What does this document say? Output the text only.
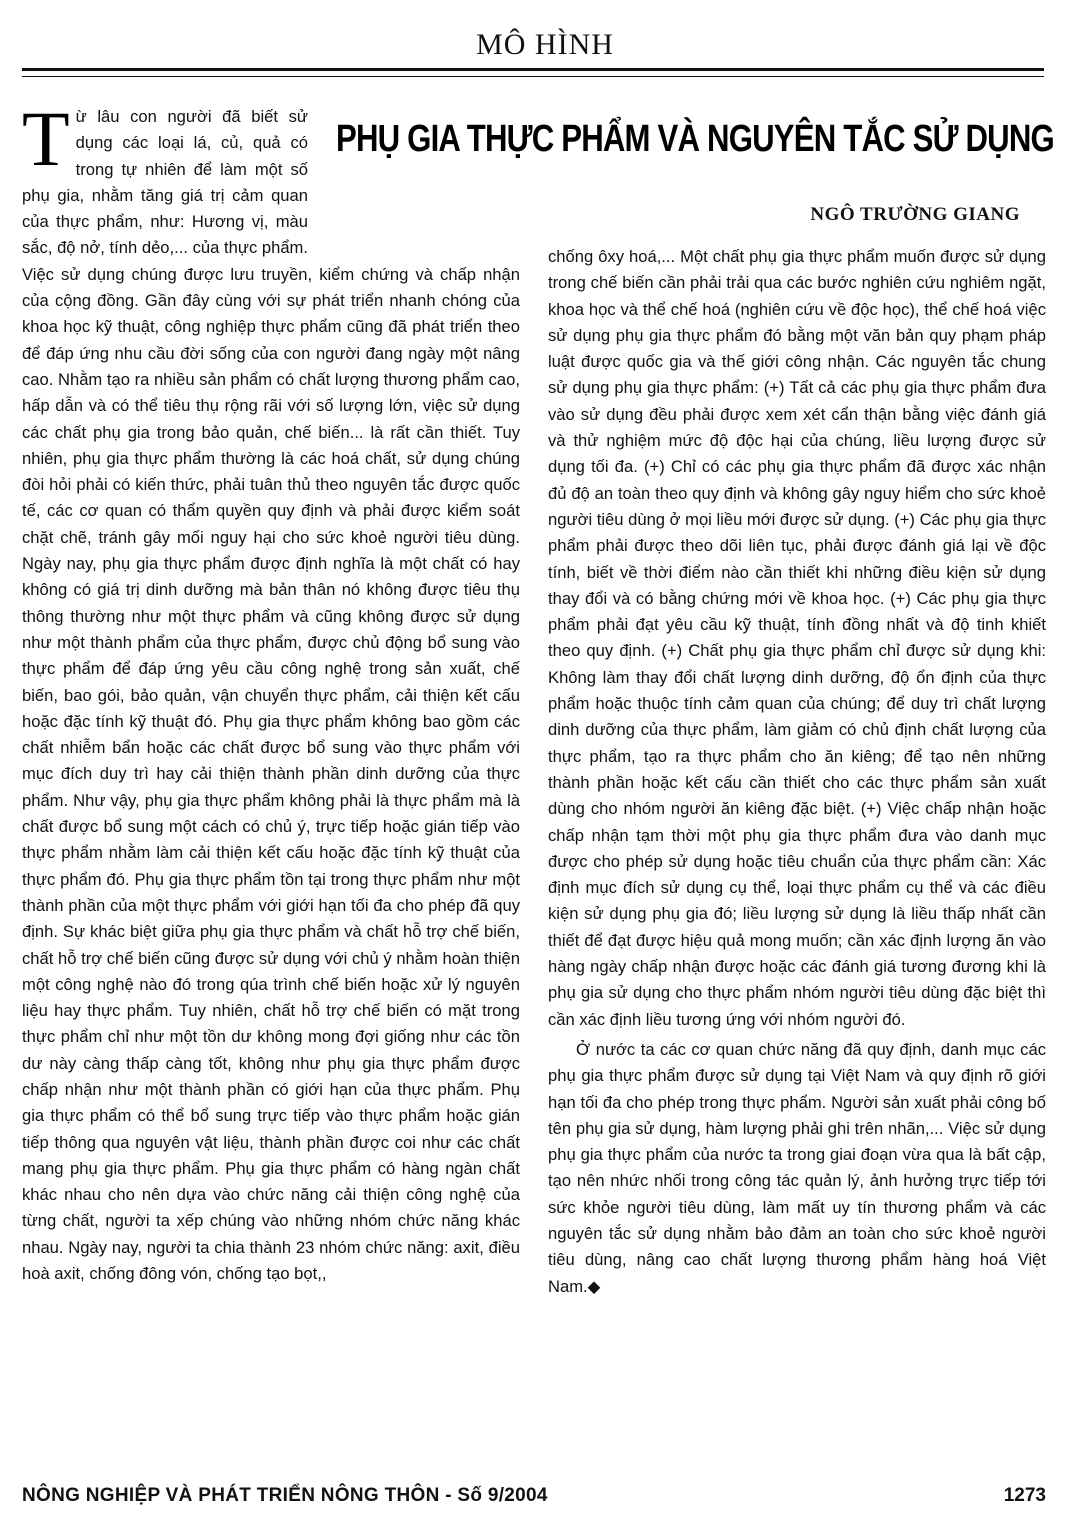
MÔ HÌNH
PHỤ GIA THỰC PHẨM VÀ NGUYÊN TẮC SỬ DỤNG
NGÔ TRƯỜNG GIANG
T ừ lâu con người đã biết sử dụng các loại lá, củ, quả có trong tự nhiên để làm một số phụ gia, nhằm tăng giá trị cảm quan của thực phẩm, như: Hương vị, màu sắc, độ nở, tính dẻo,... của thực phẩm. Việc sử dụng chúng được lưu truyền, kiểm chứng và chấp nhận của cộng đồng. Gần đây cùng với sự phát triển nhanh chóng của khoa học kỹ thuật, công nghiệp thực phẩm cũng đã phát triển theo để đáp ứng nhu cầu đời sống của con người đang ngày một nâng cao. Nhằm tạo ra nhiều sản phẩm có chất lượng thương phẩm cao, hấp dẫn và có thể tiêu thụ rộng rãi với số lượng lớn, việc sử dụng các chất phụ gia trong bảo quản, chế biến... là rất cần thiết. Tuy nhiên, phụ gia thực phẩm thường là các hoá chất, sử dụng chúng đòi hỏi phải có kiến thức, phải tuân thủ theo nguyên tắc được quốc tế, các cơ quan có thẩm quyền quy định và phải được kiểm soát chặt chẽ, tránh gây mối nguy hại cho sức khoẻ người tiêu dùng. Ngày nay, phụ gia thực phẩm được định nghĩa là một chất có hay không có giá trị dinh dưỡng mà bản thân nó không được tiêu thụ thông thường như một thực phẩm và cũng không được sử dụng như một thành phẩm của thực phẩm, được chủ động bổ sung vào thực phẩm để đáp ứng yêu cầu công nghệ trong sản xuất, chế biến, bao gói, bảo quản, vận chuyển thực phẩm, cải thiện kết cấu hoặc đặc tính kỹ thuật đó. Phụ gia thực phẩm không bao gồm các chất nhiễm bẩn hoặc các chất được bổ sung vào thực phẩm với mục đích duy trì hay cải thiện thành phần dinh dưỡng của thực phẩm. Như vậy, phụ gia thực phẩm không phải là thực phẩm mà là chất được bổ sung một cách có chủ ý, trực tiếp hoặc gián tiếp vào thực phẩm nhằm làm cải thiện kết cấu hoặc đặc tính kỹ thuật của thực phẩm đó. Phụ gia thực phẩm tồn tại trong thực phẩm như một thành phần của một thực phẩm với giới hạn tối đa cho phép đã quy định. Sự khác biệt giữa phụ gia thực phẩm và chất hỗ trợ chế biến, chất hỗ trợ chế biến cũng được sử dụng với chủ ý nhằm hoàn thiện một công nghệ nào đó trong qúa trình chế biến hoặc xử lý nguyên liệu hay thực phẩm. Tuy nhiên, chất hỗ trợ chế biến có mặt trong thực phẩm chỉ như một tồn dư không mong đợi giống như các tồn dư này càng thấp càng tốt, không như phụ gia thực phẩm được chấp nhận như một thành phần có giới hạn của thực phẩm. Phụ gia thực phẩm có thể bổ sung trực tiếp vào thực phẩm hoặc gián tiếp thông qua nguyên vật liệu, thành phần được coi như các chất mang phụ gia thực phẩm. Phụ gia thực phẩm có hàng ngàn chất khác nhau cho nên dựa vào chức năng cải thiện công nghệ của từng chất, người ta xếp chúng vào những nhóm chức năng khác nhau. Ngày nay, người ta chia thành 23 nhóm chức năng: axit, điều hoà axit, chống đông vón, chống tạo bọt,,

chống ôxy hoá,... Một chất phụ gia thực phẩm muốn được sử dụng trong chế biến cần phải trải qua các bước nghiên cứu nghiêm ngặt, khoa học và thể chế hoá (nghiên cứu về độc học), thể chế hoá việc sử dụng phụ gia thực phẩm đó bằng một văn bản quy phạm pháp luật được quốc gia và thế giới công nhận. Các nguyên tắc chung sử dụng phụ gia thực phẩm: (+) Tất cả các phụ gia thực phẩm đưa vào sử dụng đều phải được xem xét cẩn thận bằng việc đánh giá và thử nghiệm mức độ độc hại của chúng, liều lượng được sử dụng tối đa. (+) Chỉ có các phụ gia thực phẩm đã được xác nhận đủ độ an toàn theo quy định và không gây nguy hiểm cho sức khoẻ người tiêu dùng ở mọi liều mới được sử dụng. (+) Các phụ gia thực phẩm phải được theo dõi liên tục, phải được đánh giá lại về độc tính, biết về thời điểm nào cần thiết khi những điều kiện sử dụng thay đổi và có bằng chứng mới về khoa học. (+) Các phụ gia thực phẩm phải đạt yêu cầu kỹ thuật, tính đồng nhất và độ tinh khiết theo quy định. (+) Chất phụ gia thực phẩm chỉ được sử dụng khi: Không làm thay đổi chất lượng dinh dưỡng, độ ổn định của thực phẩm hoặc thuộc tính cảm quan của chúng; để duy trì chất lượng dinh dưỡng của thực phẩm, làm giảm có chủ định chất lượng của thực phẩm, tạo ra thực phẩm cho ăn kiêng; để tạo nên những thành phần hoặc kết cấu cần thiết cho các thực phẩm sản xuất dùng cho nhóm người ăn kiêng đặc biệt. (+) Việc chấp nhận hoặc chấp nhận tạm thời một phụ gia thực phẩm đưa vào danh mục được cho phép sử dụng hoặc tiêu chuẩn của thực phẩm cần: Xác định mục đích sử dụng cụ thể, loại thực phẩm cụ thể và các điều kiện sử dụng phụ gia đó; liều lượng sử dụng là liều thấp nhất cần thiết để đạt được hiệu quả mong muốn; cần xác định lượng ăn vào hàng ngày chấp nhận được hoặc các đánh giá tương đương khi là phụ gia sử dụng cho thực phẩm nhóm người tiêu dùng đặc biệt thì cần xác định liều tương ứng với nhóm người đó.

Ở nước ta các cơ quan chức năng đã quy định, danh mục các phụ gia thực phẩm được sử dụng tại Việt Nam và quy định rõ giới hạn tối đa cho phép trong thực phẩm. Người sản xuất phải công bố tên phụ gia sử dụng, hàm lượng phải ghi trên nhãn,... Việc sử dụng phụ gia thực phẩm của nước ta trong giai đoạn vừa qua là bất cập, tạo nên nhức nhối trong công tác quản lý, ảnh hưởng trực tiếp tới sức khỏe người tiêu dùng, làm mất uy tín thương phẩm và các nguyên tắc sử dụng nhằm bảo đảm an toàn cho sức khoẻ người tiêu dùng, nâng cao chất lượng thương phẩm hàng hoá Việt Nam.◆

NÔNG NGHIỆP VÀ PHÁT TRIỂN NÔNG THÔN - Số 9/2004	1273
